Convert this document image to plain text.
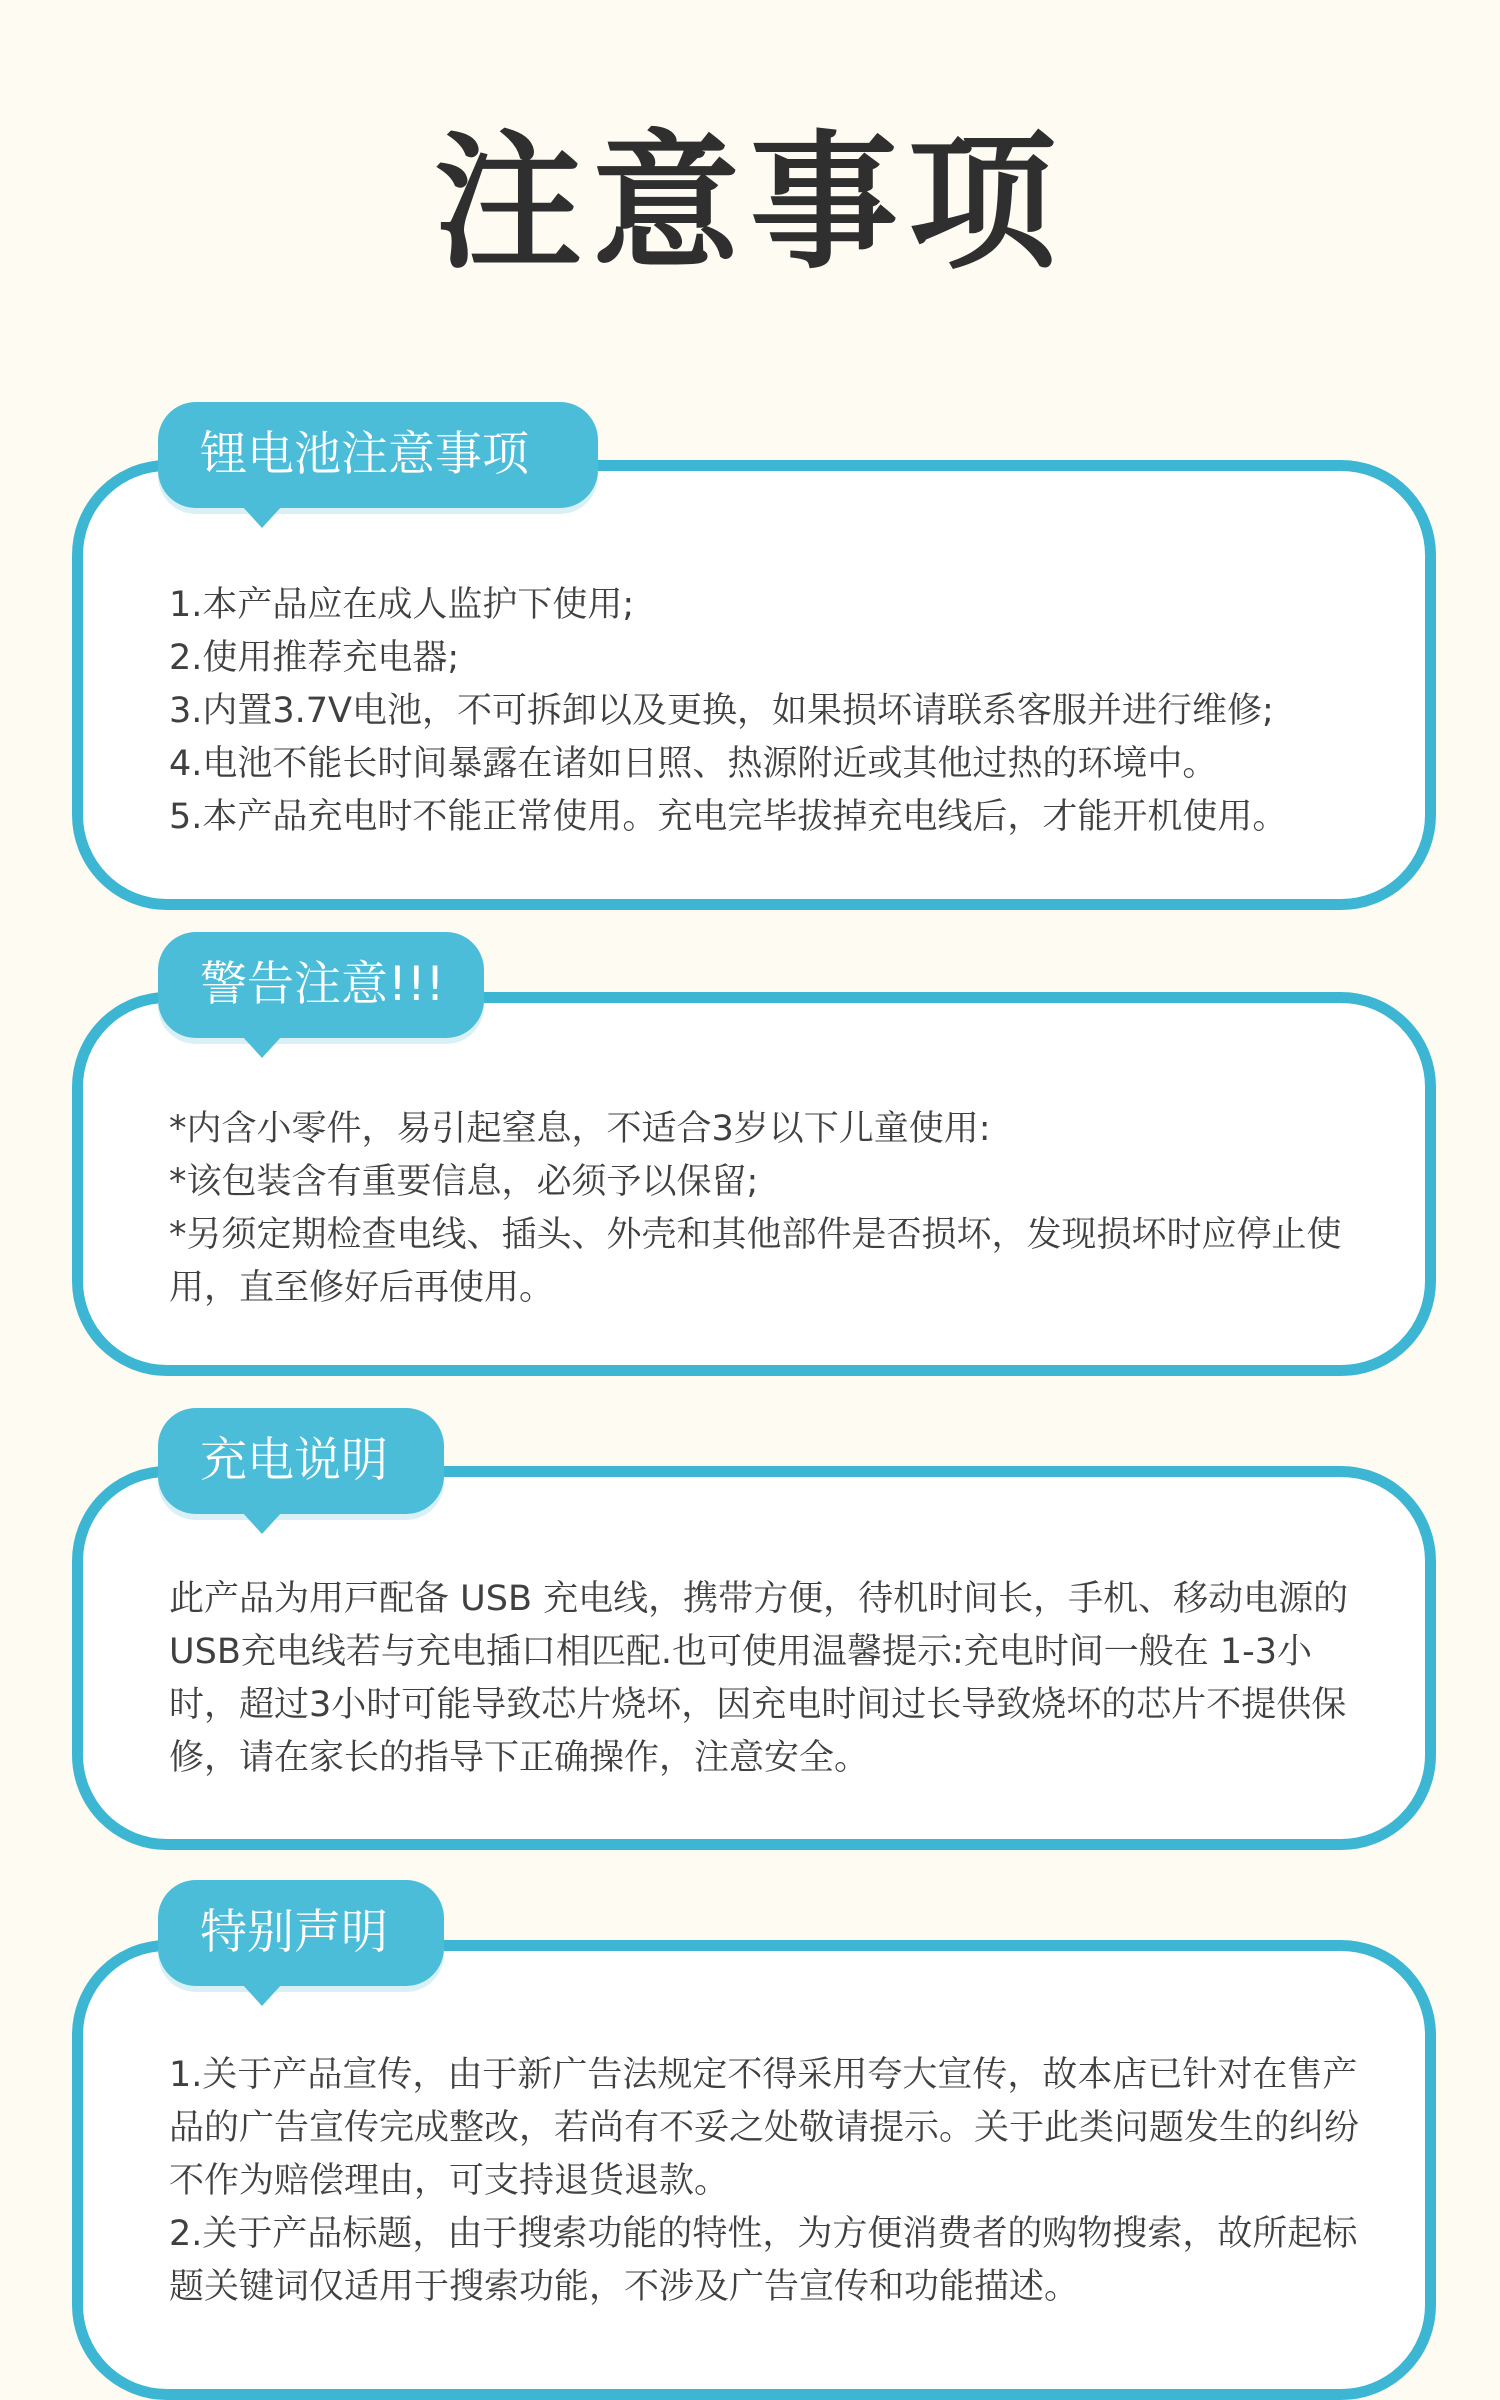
注意事项

1.本产品应在成人监护下使用;

2.使用推荐充电器;

3.内置3.7V电池，不可拆卸以及更换，如果损坏请联系客服并进行维修;

4.电池不能长时间暴露在诸如日照、热源附近或其他过热的环境中。

5.本产品充电时不能正常使用。充电完毕拔掉充电线后，才能开机使用。

锂电池注意事项

*内含小零件，易引起窒息，不适合3岁以下儿童使用:

*该包装含有重要信息，必须予以保留;

*另须定期检查电线、插头、外壳和其他部件是否损坏，发现损坏时应停止使用，直至修好后再使用。

警告注意!!!

此产品为用戸配备 USB 充电线，携带方便，待机时间长，手机、移动电源的USB充电线若与充电插口相匹配.也可使用温馨提示:充电时间一般在 1-3小时，超过3小时可能导致芯片烧坏，因充电时间过长导致烧坏的芯片不提供保修，请在家长的指导下正确操作，注意安全。

充电说明

1.关于产品宣传，由于新广告法规定不得采用夸大宣传，故本店已针对在售产品的广告宣传完成整改，若尚有不妥之处敬请提示。关于此类问题发生的纠纷不作为赔偿理由，可支持退货退款。

2.关于产品标题，由于搜索功能的特性，为方便消费者的购物搜索，故所起标题关键词仅适用于搜索功能，不涉及广告宣传和功能描述。

特别声明
